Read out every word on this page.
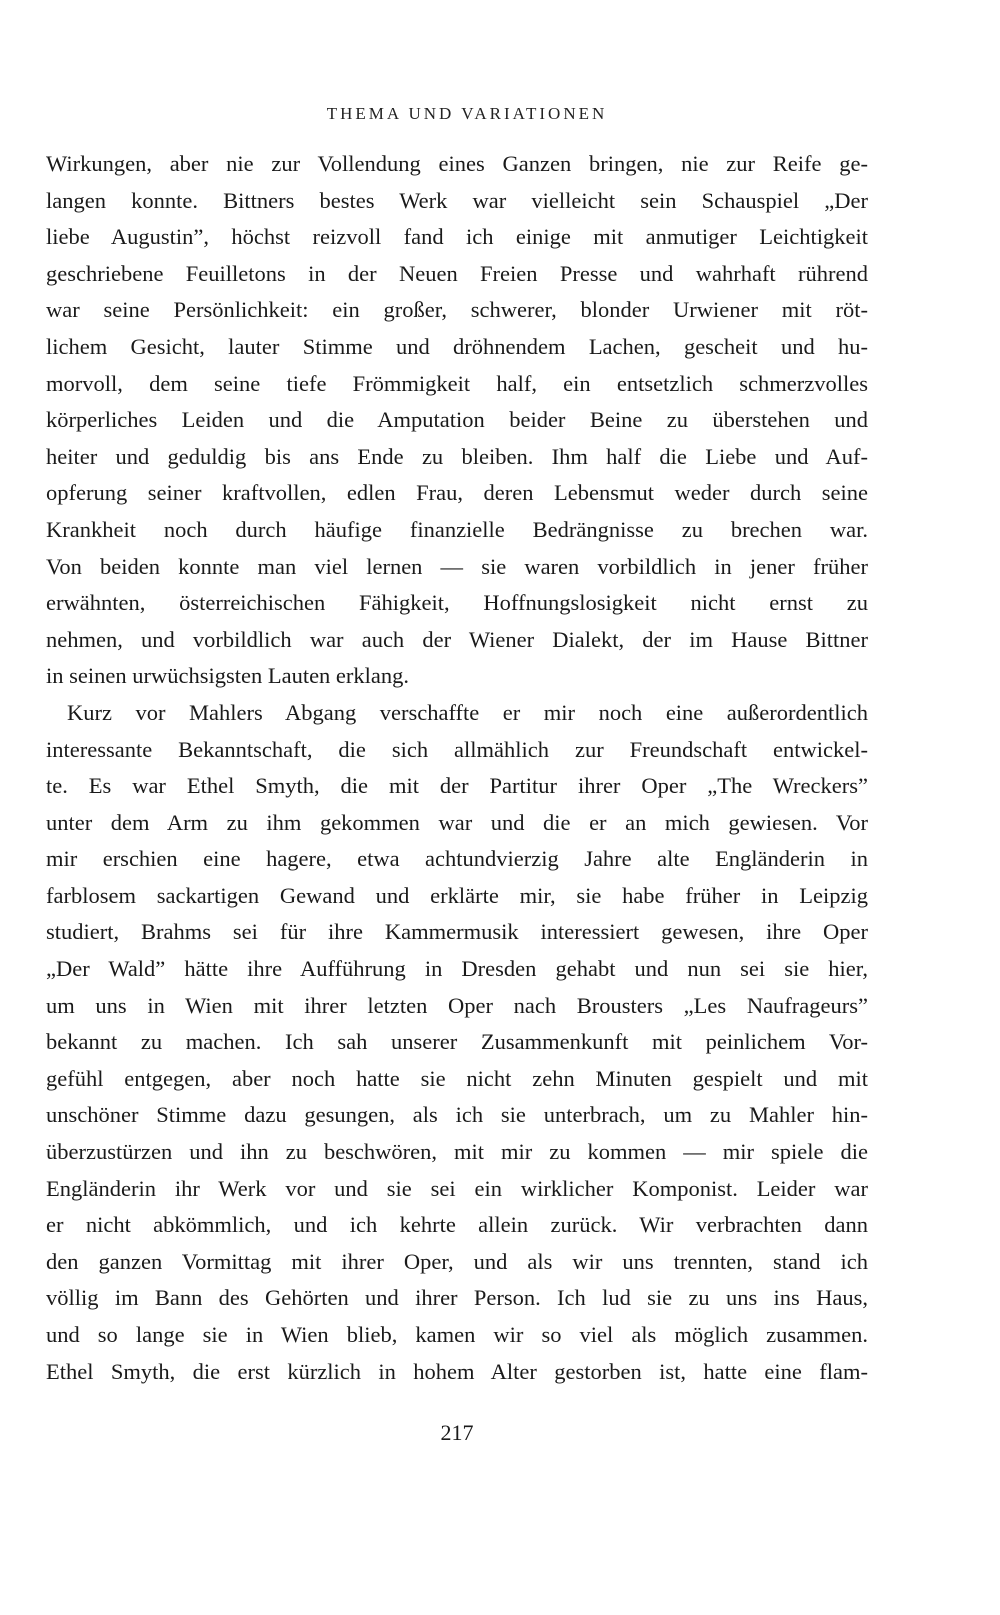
THEMA UND VARIATIONEN
Wirkungen, aber nie zur Vollendung eines Ganzen bringen, nie zur Reife ge-
langen konnte. Bittners bestes Werk war vielleicht sein Schauspiel „Der
liebe Augustin”, höchst reizvoll fand ich einige mit anmutiger Leichtigkeit
geschriebene Feuilletons in der Neuen Freien Presse und wahrhaft rührend
war seine Persönlichkeit: ein großer, schwerer, blonder Urwiener mit röt-
lichem Gesicht, lauter Stimme und dröhnendem Lachen, gescheit und hu-
morvoll, dem seine tiefe Frömmigkeit half, ein entsetzlich schmerzvolles
körperliches Leiden und die Amputation beider Beine zu überstehen und
heiter und geduldig bis ans Ende zu bleiben. Ihm half die Liebe und Auf-
opferung seiner kraftvollen, edlen Frau, deren Lebensmut weder durch seine
Krankheit noch durch häufige finanzielle Bedrängnisse zu brechen war.
Von beiden konnte man viel lernen — sie waren vorbildlich in jener früher
erwähnten, österreichischen Fähigkeit, Hoffnungslosigkeit nicht ernst zu
nehmen, und vorbildlich war auch der Wiener Dialekt, der im Hause Bittner
in seinen urwüchsigsten Lauten erklang.
Kurz vor Mahlers Abgang verschaffte er mir noch eine außerordentlich
interessante Bekanntschaft, die sich allmählich zur Freundschaft entwickel-
te. Es war Ethel Smyth, die mit der Partitur ihrer Oper „The Wreckers”
unter dem Arm zu ihm gekommen war und die er an mich gewiesen. Vor
mir erschien eine hagere, etwa achtundvierzig Jahre alte Engländerin in
farblosem sackartigen Gewand und erklärte mir, sie habe früher in Leipzig
studiert, Brahms sei für ihre Kammermusik interessiert gewesen, ihre Oper
„Der Wald” hätte ihre Aufführung in Dresden gehabt und nun sei sie hier,
um uns in Wien mit ihrer letzten Oper nach Brousters „Les Naufrageurs”
bekannt zu machen. Ich sah unserer Zusammenkunft mit peinlichem Vor-
gefühl entgegen, aber noch hatte sie nicht zehn Minuten gespielt und mit
unschöner Stimme dazu gesungen, als ich sie unterbrach, um zu Mahler hin-
überzustürzen und ihn zu beschwören, mit mir zu kommen — mir spiele die
Engländerin ihr Werk vor und sie sei ein wirklicher Komponist. Leider war
er nicht abkömmlich, und ich kehrte allein zurück. Wir verbrachten dann
den ganzen Vormittag mit ihrer Oper, und als wir uns trennten, stand ich
völlig im Bann des Gehörten und ihrer Person. Ich lud sie zu uns ins Haus,
und so lange sie in Wien blieb, kamen wir so viel als möglich zusammen.
Ethel Smyth, die erst kürzlich in hohem Alter gestorben ist, hatte eine flam-
217
